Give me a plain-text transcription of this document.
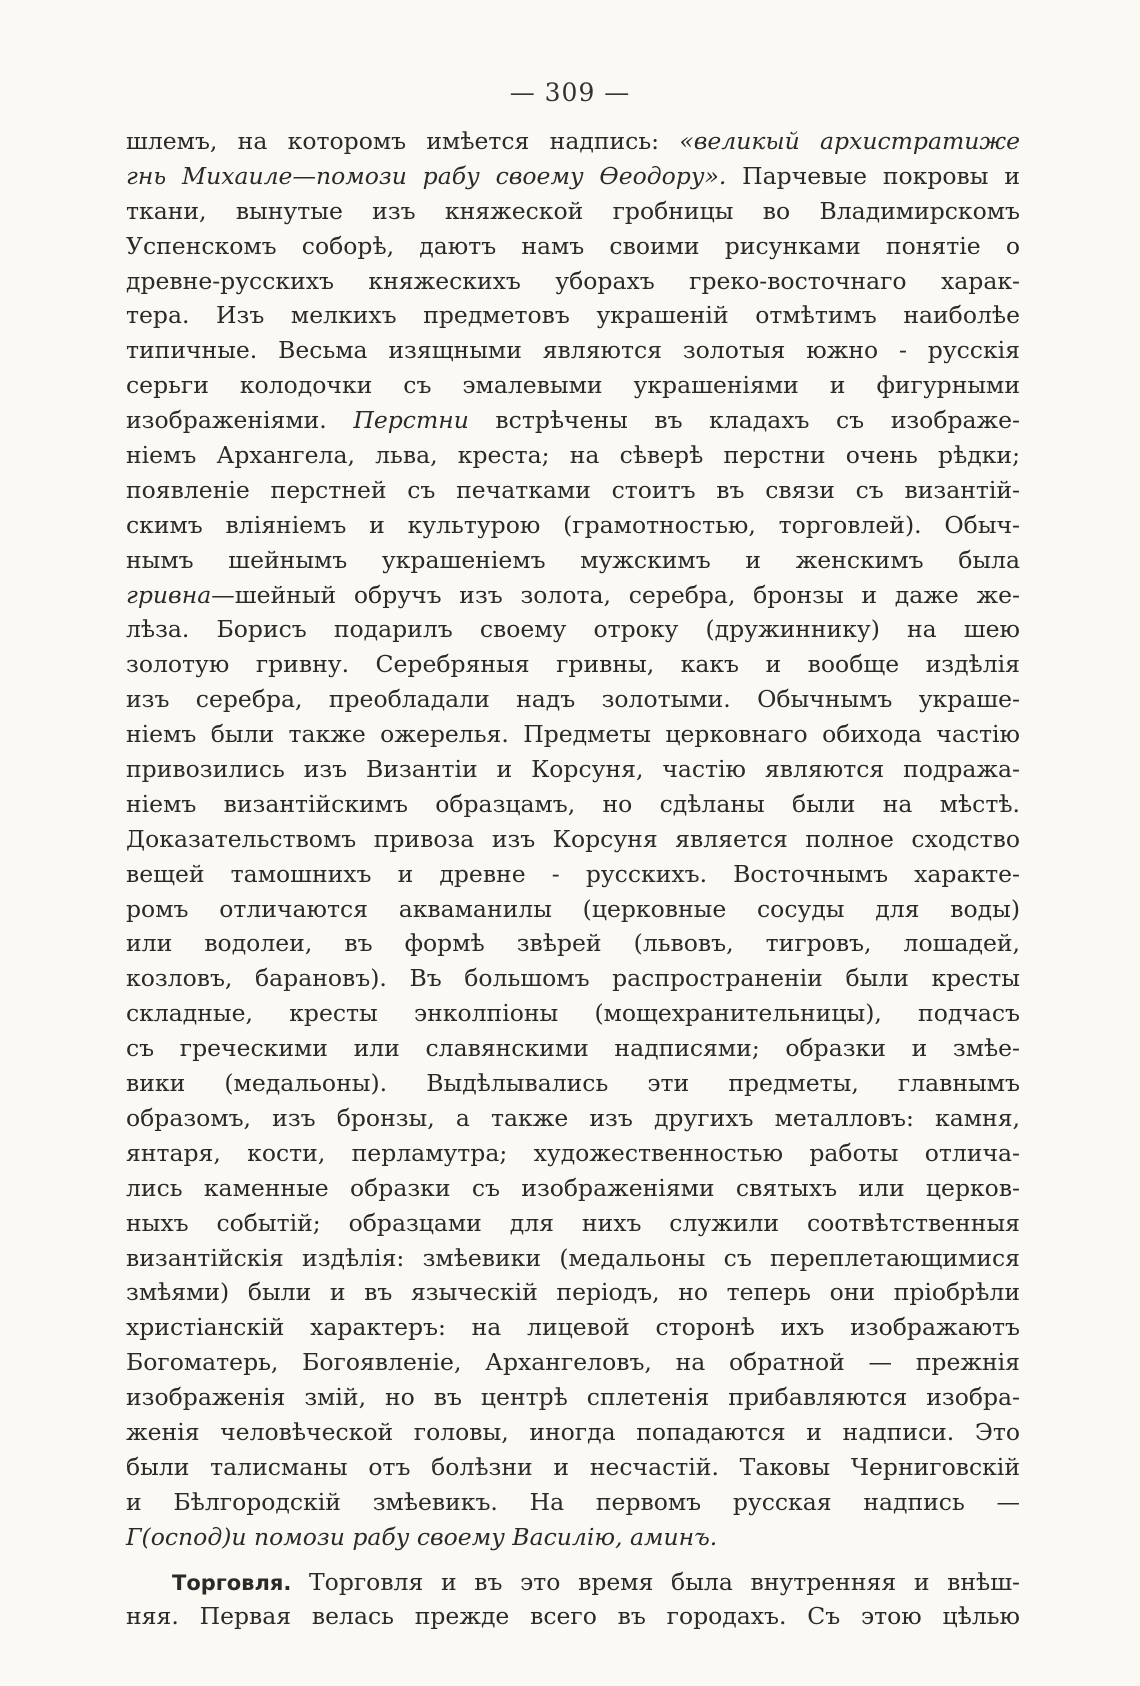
— 309 —
шлемъ, на которомъ имѣется надпись: «великый архистратиже
гнь Михаиле—помози рабу своему Ѳеодору». Парчевые покровы и
ткани, вынутые изъ княжеской гробницы во Владимирскомъ
Успенскомъ соборѣ, даютъ намъ своими рисунками понятіе о
древне-русскихъ княжескихъ уборахъ греко-восточнаго харак-
тера. Изъ мелкихъ предметовъ украшеній отмѣтимъ наиболѣе
типичные. Весьма изящными являются золотыя южно - русскія
серьги колодочки съ эмалевыми украшеніями и фигурными
изображеніями. Перстни встрѣчены въ кладахъ съ изображе-
ніемъ Архангела, льва, креста; на сѣверѣ перстни очень рѣдки;
появленіе перстней съ печатками стоитъ въ связи съ византій-
скимъ вліяніемъ и культурою (грамотностью, торговлей). Обыч-
нымъ шейнымъ украшеніемъ мужскимъ и женскимъ была
гривна—шейный обручъ изъ золота, серебра, бронзы и даже же-
лѣза. Борисъ подарилъ своему отроку (дружиннику) на шею
золотую гривну. Серебряныя гривны, какъ и вообще издѣлія
изъ серебра, преобладали надъ золотыми. Обычнымъ украше-
ніемъ были также ожерелья. Предметы церковнаго обихода частію
привозились изъ Византіи и Корсуня, частію являются подража-
ніемъ византійскимъ образцамъ, но сдѣланы были на мѣстѣ.
Доказательствомъ привоза изъ Корсуня является полное сходство
вещей тамошнихъ и древне - русскихъ. Восточнымъ характе-
ромъ отличаются акваманилы (церковные сосуды для воды)
или водолеи, въ формѣ звѣрей (львовъ, тигровъ, лошадей,
козловъ, барановъ). Въ большомъ распространеніи были кресты
складные, кресты энколпіоны (мощехранительницы), подчасъ
съ греческими или славянскими надписями; образки и змѣе-
вики (медальоны). Выдѣлывались эти предметы, главнымъ
образомъ, изъ бронзы, а также изъ другихъ металловъ: камня,
янтаря, кости, перламутра; художественностью работы отлича-
лись каменные образки съ изображеніями святыхъ или церков-
ныхъ событій; образцами для нихъ служили соотвѣтственныя
византійскія издѣлія: змѣевики (медальоны съ переплетающимися
змѣями) были и въ языческій періодъ, но теперь они пріобрѣли
христіанскій характеръ: на лицевой сторонѣ ихъ изображаютъ
Богоматерь, Богоявленіе, Архангеловъ, на обратной — прежнія
изображенія змій, но въ центрѣ сплетенія прибавляются изобра-
женія человѣческой головы, иногда попадаются и надписи. Это
были талисманы отъ болѣзни и несчастій. Таковы Черниговскій
и Бѣлгородскій змѣевикъ. На первомъ русская надпись —
Г(оспод)и помози рабу своему Василію, аминъ.
Торговля. Торговля и въ это время была внутренняя и внѣш-
няя. Первая велась прежде всего въ городахъ. Съ этою цѣлью
